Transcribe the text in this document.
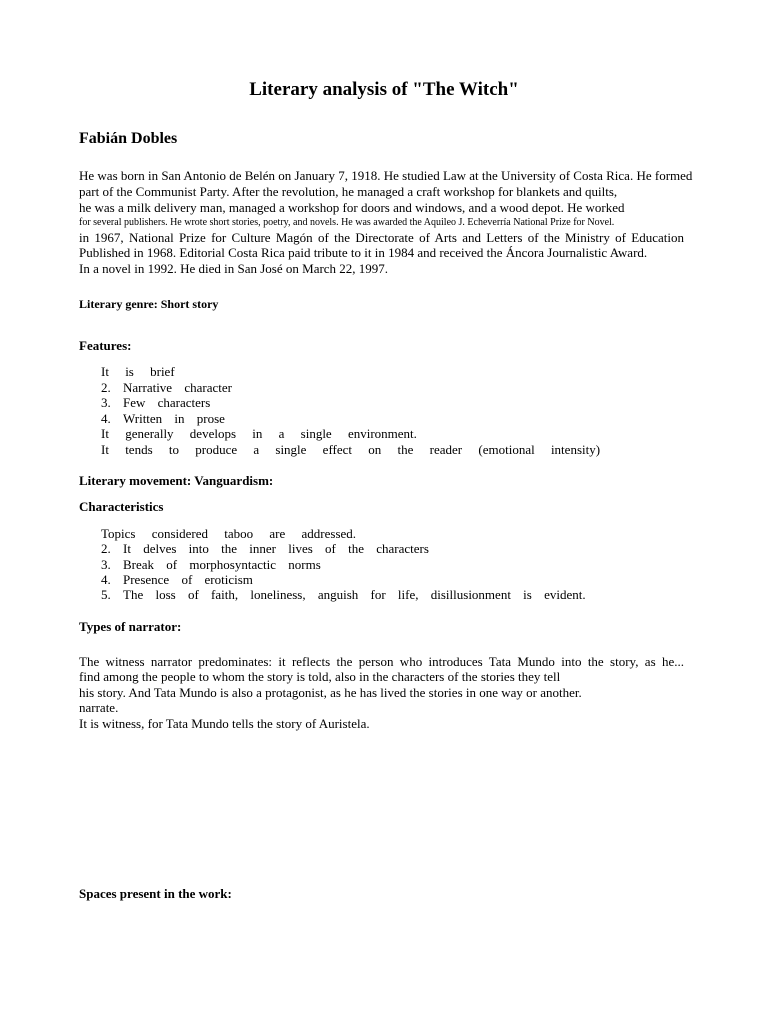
Literary analysis of "The Witch"
Fabián Dobles
He was born in San Antonio de Belén on January 7, 1918. He studied Law at the University of Costa Rica. He formed
part of the Communist Party. After the revolution, he managed a craft workshop for blankets and quilts,
he was a milk delivery man, managed a workshop for doors and windows, and a wood depot. He worked
for several publishers. He wrote short stories, poetry, and novels. He was awarded the Aquileo J. Echeverría National Prize for Novel.
in 1967, National Prize for Culture Magón of the Directorate of Arts and Letters of the Ministry of Education
Published in 1968. Editorial Costa Rica paid tribute to it in 1984 and received the Áncora Journalistic Award.
In a novel in 1992. He died in San José on March 22, 1997.
Literary genre: Short story
Features:
It is brief
2. Narrative character
3. Few characters
4. Written in prose
It generally develops in a single environment.
It tends to produce a single effect on the reader (emotional intensity)
Literary movement: Vanguardism:
Characteristics
Topics considered taboo are addressed.
2. It delves into the inner lives of the characters
3. Break of morphosyntactic norms
4. Presence of eroticism
5. The loss of faith, loneliness, anguish for life, disillusionment is evident.
Types of narrator:
The witness narrator predominates: it reflects the person who introduces Tata Mundo into the story, as he...
find among the people to whom the story is told, also in the characters of the stories they tell
his story. And Tata Mundo is also a protagonist, as he has lived the stories in one way or another.
narrate.
It is witness, for Tata Mundo tells the story of Auristela.
Spaces present in the work:
